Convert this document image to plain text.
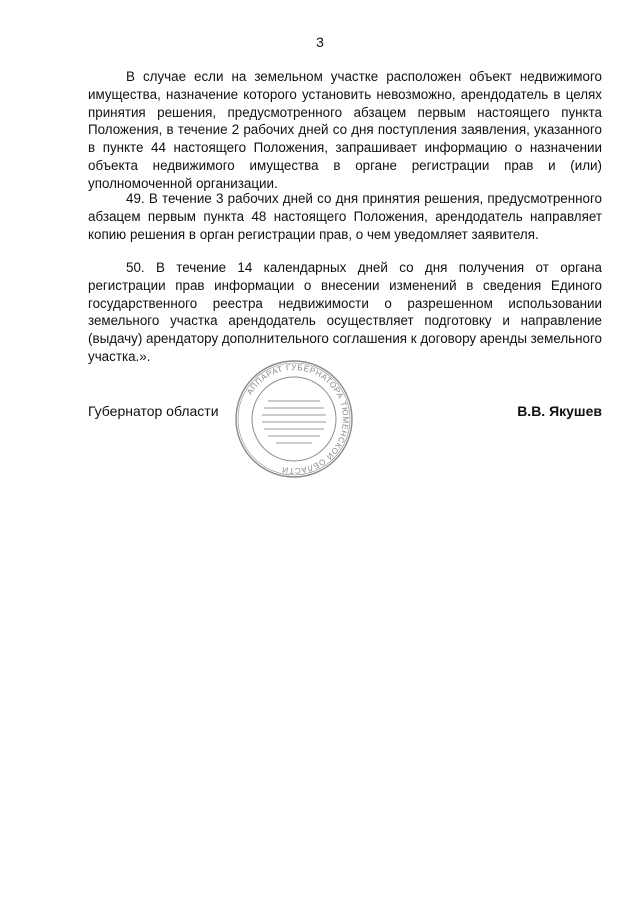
3

В случае если на земельном участке расположен объект недвижимого имущества, назначение которого установить невозможно, арендодатель в целях принятия решения, предусмотренного абзацем первым настоящего пункта Положения, в течение 2 рабочих дней со дня поступления заявления, указанного в пункте 44 настоящего Положения, запрашивает информацию о назначении объекта недвижимого имущества в органе регистрации прав и (или) уполномоченной организации.

49. В течение 3 рабочих дней со дня принятия решения, предусмотренного абзацем первым пункта 48 настоящего Положения, арендодатель направляет копию решения в орган регистрации прав, о чем уведомляет заявителя.

50. В течение 14 календарных дней со дня получения от органа регистрации прав информации о внесении изменений в сведения Единого государственного реестра недвижимости о разрешенном использовании земельного участка арендодатель осуществляет подготовку и направление (выдачу) арендатору дополнительного соглашения к договору аренды земельного участка.».

АППАРАТ ГУБЕРНАТОРА ТЮМЕНСКОЙ ОБЛАСТИ
Губернатор области	В.В. Якушев
